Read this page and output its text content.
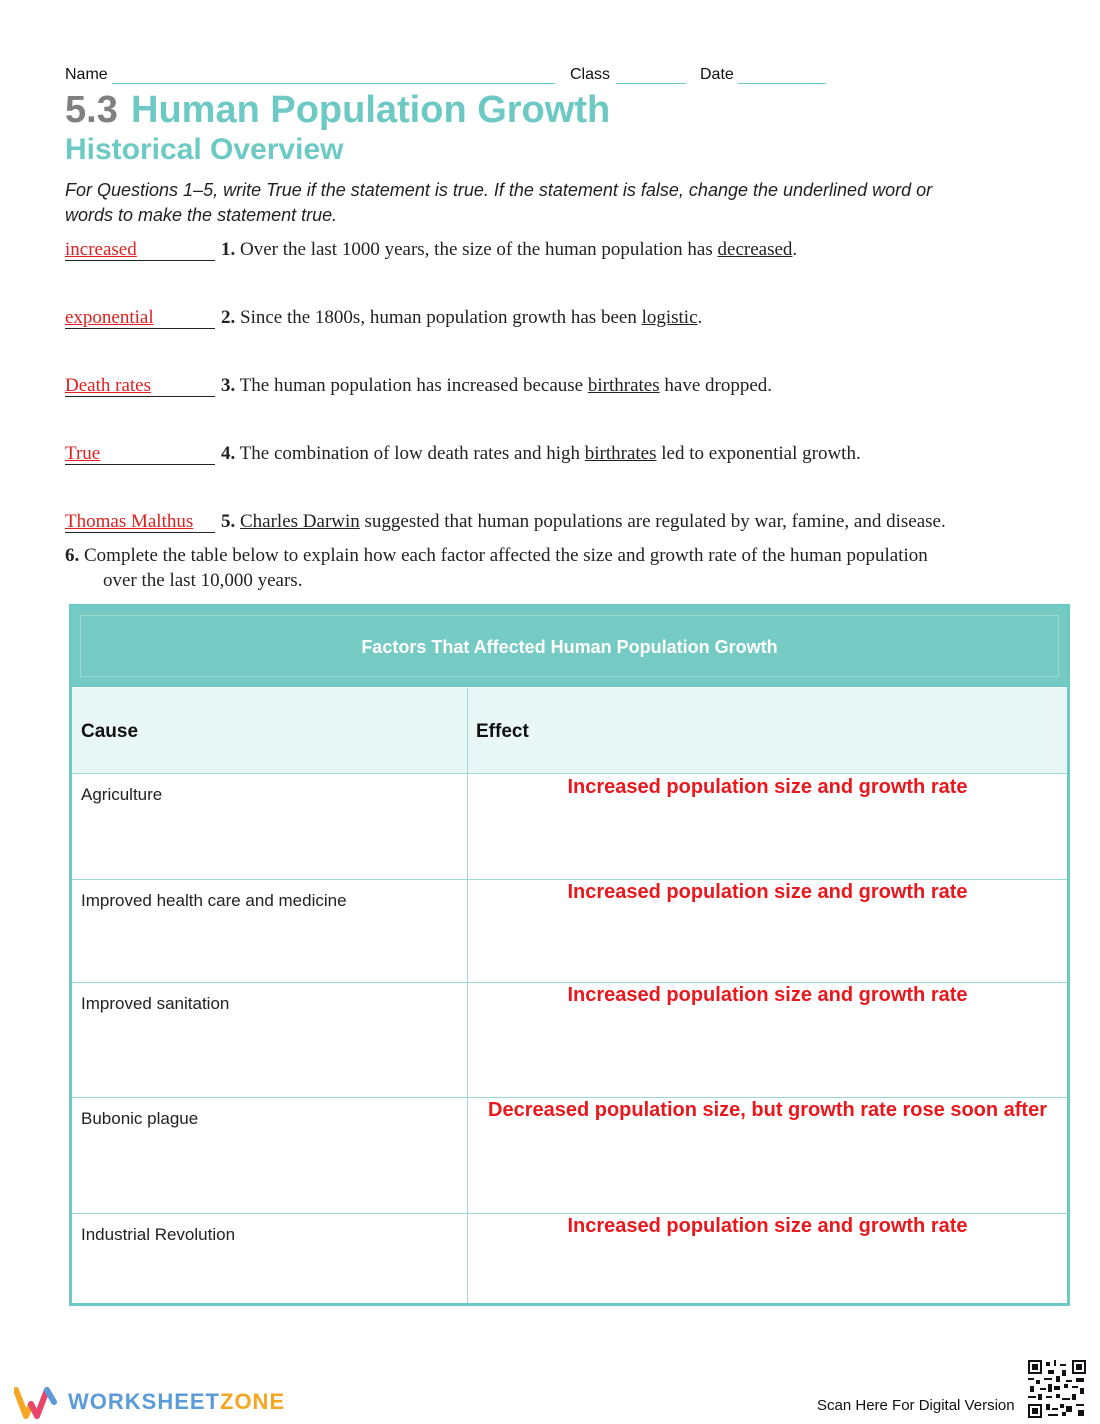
Name	Class	Date
5.3 Human Population Growth
Historical Overview
For Questions 1–5, write True if the statement is true. If the statement is false, change the underlined word or words to make the statement true.
increased	1. Over the last 1000 years, the size of the human population has decreased.
exponential	2. Since the 1800s, human population growth has been logistic.
Death rates	3. The human population has increased because birthrates have dropped.
True	4. The combination of low death rates and high birthrates led to exponential growth.
Thomas Malthus	5. Charles Darwin suggested that human populations are regulated by war, famine, and disease.
6. Complete the table below to explain how each factor affected the size and growth rate of the human population
over the last 10,000 years.
Factors That Affected Human Population Growth
Cause	Effect
Agriculture	Increased population size and growth rate
Improved health care and medicine	Increased population size and growth rate
Improved sanitation	Increased population size and growth rate
Bubonic plague	Decreased population size, but growth rate rose soon after
Industrial Revolution	Increased population size and growth rate
WORKSHEETZONE	Scan Here For Digital Version
